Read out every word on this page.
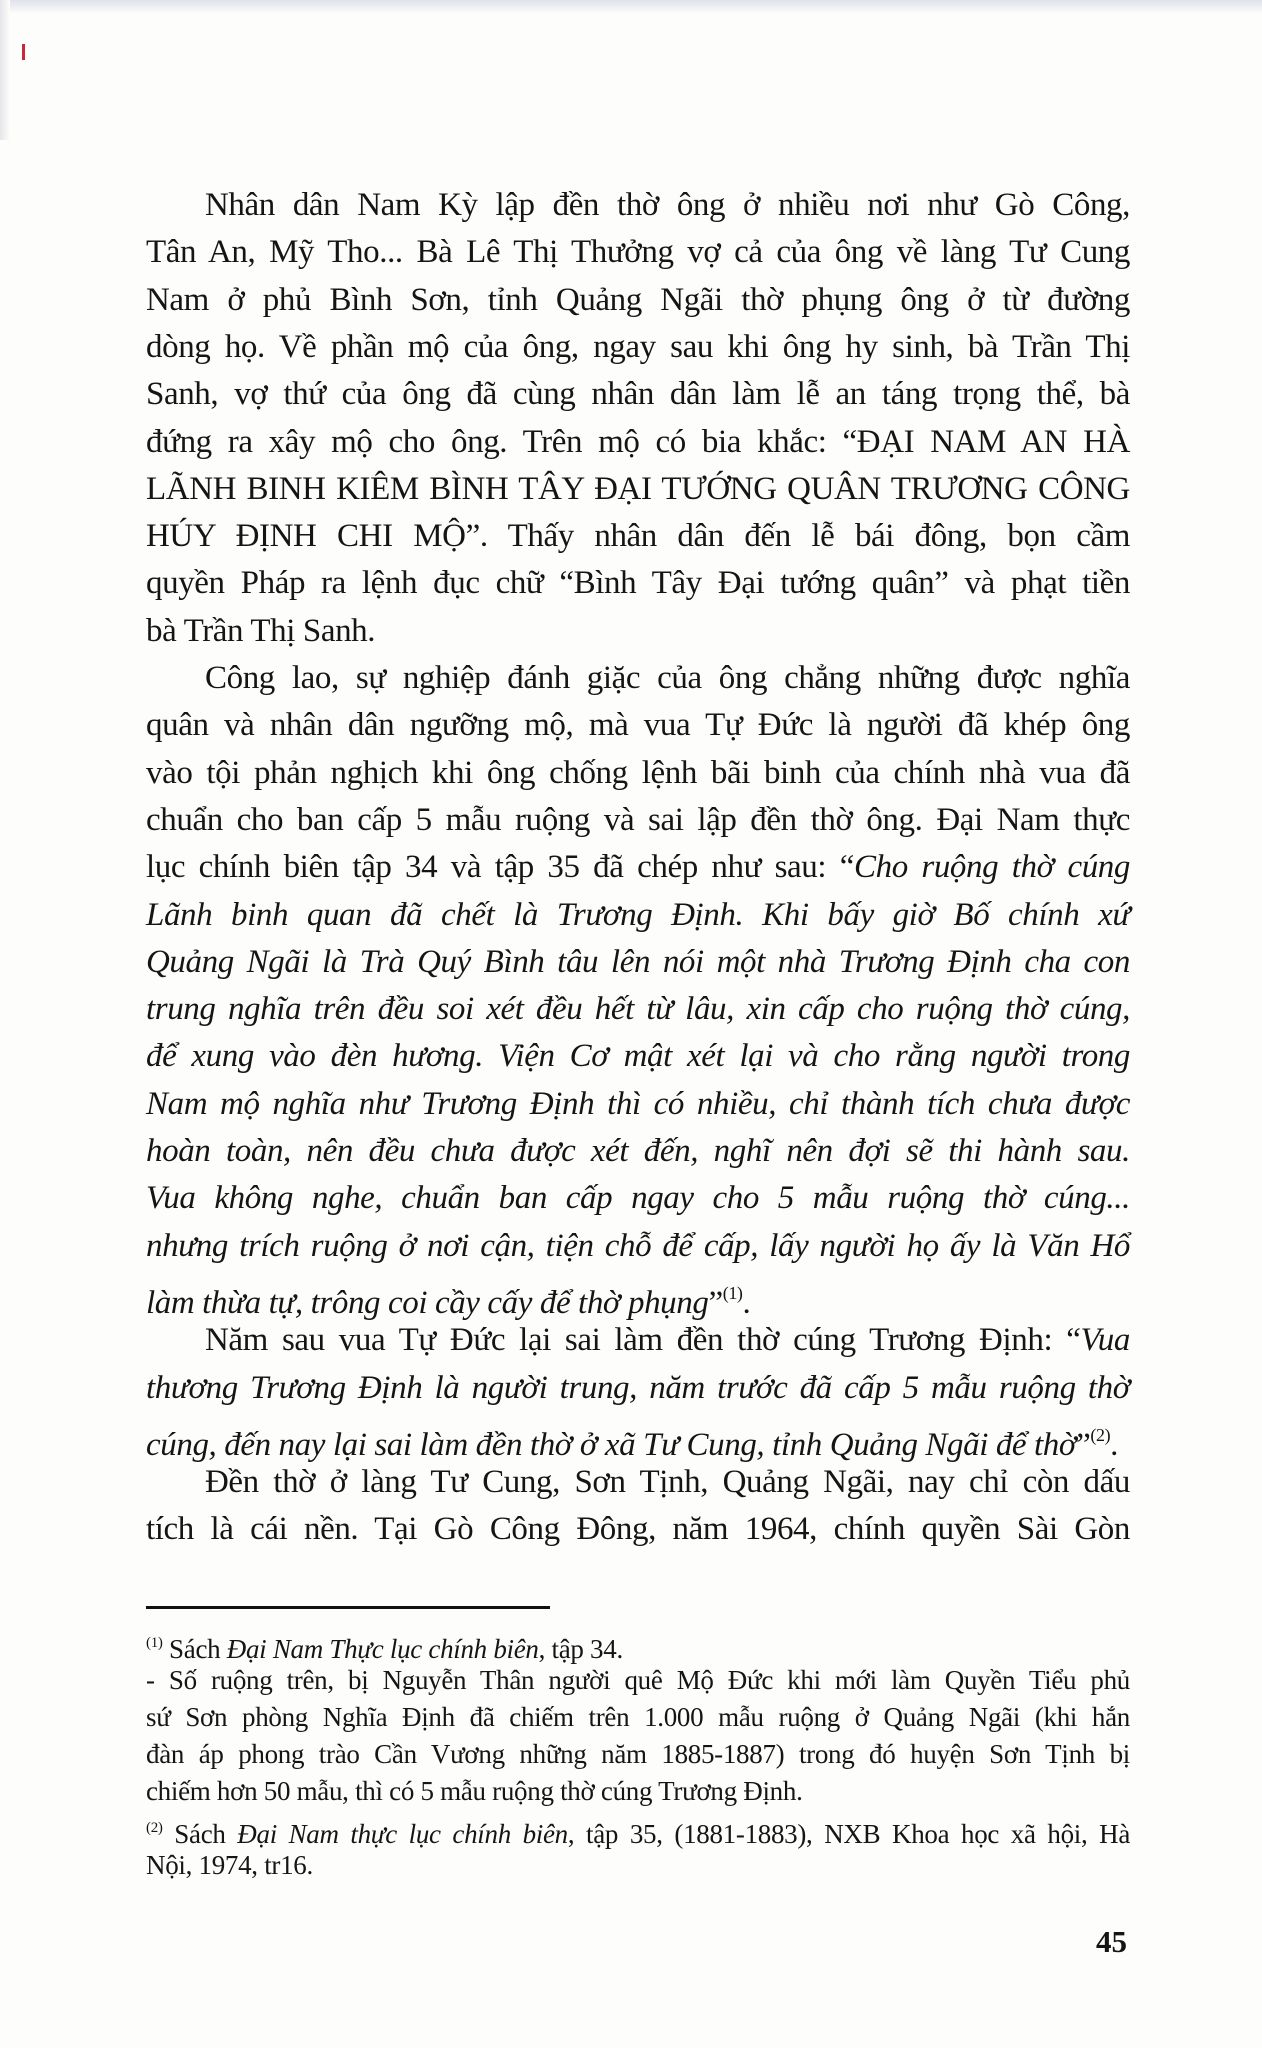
Nhân dân Nam Kỳ lập đền thờ ông ở nhiều nơi như Gò Công,
Tân An, Mỹ Tho... Bà Lê Thị Thưởng vợ cả của ông về làng Tư Cung
Nam ở phủ Bình Sơn, tỉnh Quảng Ngãi thờ phụng ông ở từ đường
dòng họ. Về phần mộ của ông, ngay sau khi ông hy sinh, bà Trần Thị
Sanh, vợ thứ của ông đã cùng nhân dân làm lễ an táng trọng thể, bà
đứng ra xây mộ cho ông. Trên mộ có bia khắc: “ĐẠI NAM AN HÀ
LÃNH BINH KIÊM BÌNH TÂY ĐẠI TƯỚNG QUÂN TRƯƠNG CÔNG
HÚY ĐỊNH CHI MỘ”. Thấy nhân dân đến lễ bái đông, bọn cầm
quyền Pháp ra lệnh đục chữ “Bình Tây Đại tướng quân” và phạt tiền
bà Trần Thị Sanh.
Công lao, sự nghiệp đánh giặc của ông chẳng những được nghĩa
quân và nhân dân ngưỡng mộ, mà vua Tự Đức là người đã khép ông
vào tội phản nghịch khi ông chống lệnh bãi binh của chính nhà vua đã
chuẩn cho ban cấp 5 mẫu ruộng và sai lập đền thờ ông. Đại Nam thực
lục chính biên tập 34 và tập 35 đã chép như sau: “Cho ruộng thờ cúng
Lãnh binh quan đã chết là Trương Định. Khi bấy giờ Bố chính xứ
Quảng Ngãi là Trà Quý Bình tâu lên nói một nhà Trương Định cha con
trung nghĩa trên đều soi xét đều hết từ lâu, xin cấp cho ruộng thờ cúng,
để xung vào đèn hương. Viện Cơ mật xét lại và cho rằng người trong
Nam mộ nghĩa như Trương Định thì có nhiều, chỉ thành tích chưa được
hoàn toàn, nên đều chưa được xét đến, nghĩ nên đợi sẽ thi hành sau.
Vua không nghe, chuẩn ban cấp ngay cho 5 mẫu ruộng thờ cúng...
nhưng trích ruộng ở nơi cận, tiện chỗ để cấp, lấy người họ ấy là Văn Hổ
làm thừa tự, trông coi cầy cấy để thờ phụng”$^{(1)}$.
Năm sau vua Tự Đức lại sai làm đền thờ cúng Trương Định: “Vua
thương Trương Định là người trung, năm trước đã cấp 5 mẫu ruộng thờ
cúng, đến nay lại sai làm đền thờ ở xã Tư Cung, tỉnh Quảng Ngãi để thờ”$^{(2)}$.
Đền thờ ở làng Tư Cung, Sơn Tịnh, Quảng Ngãi, nay chỉ còn dấu
tích là cái nền. Tại Gò Công Đông, năm 1964, chính quyền Sài Gòn
$^{(1)}$ Sách Đại Nam Thực lục chính biên, tập 34.
- Số ruộng trên, bị Nguyễn Thân người quê Mộ Đức khi mới làm Quyền Tiểu phủ
sứ Sơn phòng Nghĩa Định đã chiếm trên 1.000 mẫu ruộng ở Quảng Ngãi (khi hắn
đàn áp phong trào Cần Vương những năm 1885-1887) trong đó huyện Sơn Tịnh bị
chiếm hơn 50 mẫu, thì có 5 mẫu ruộng thờ cúng Trương Định.
$^{(2)}$ Sách Đại Nam thực lục chính biên, tập 35, (1881-1883), NXB Khoa học xã hội, Hà
Nội, 1974, tr16.
45
